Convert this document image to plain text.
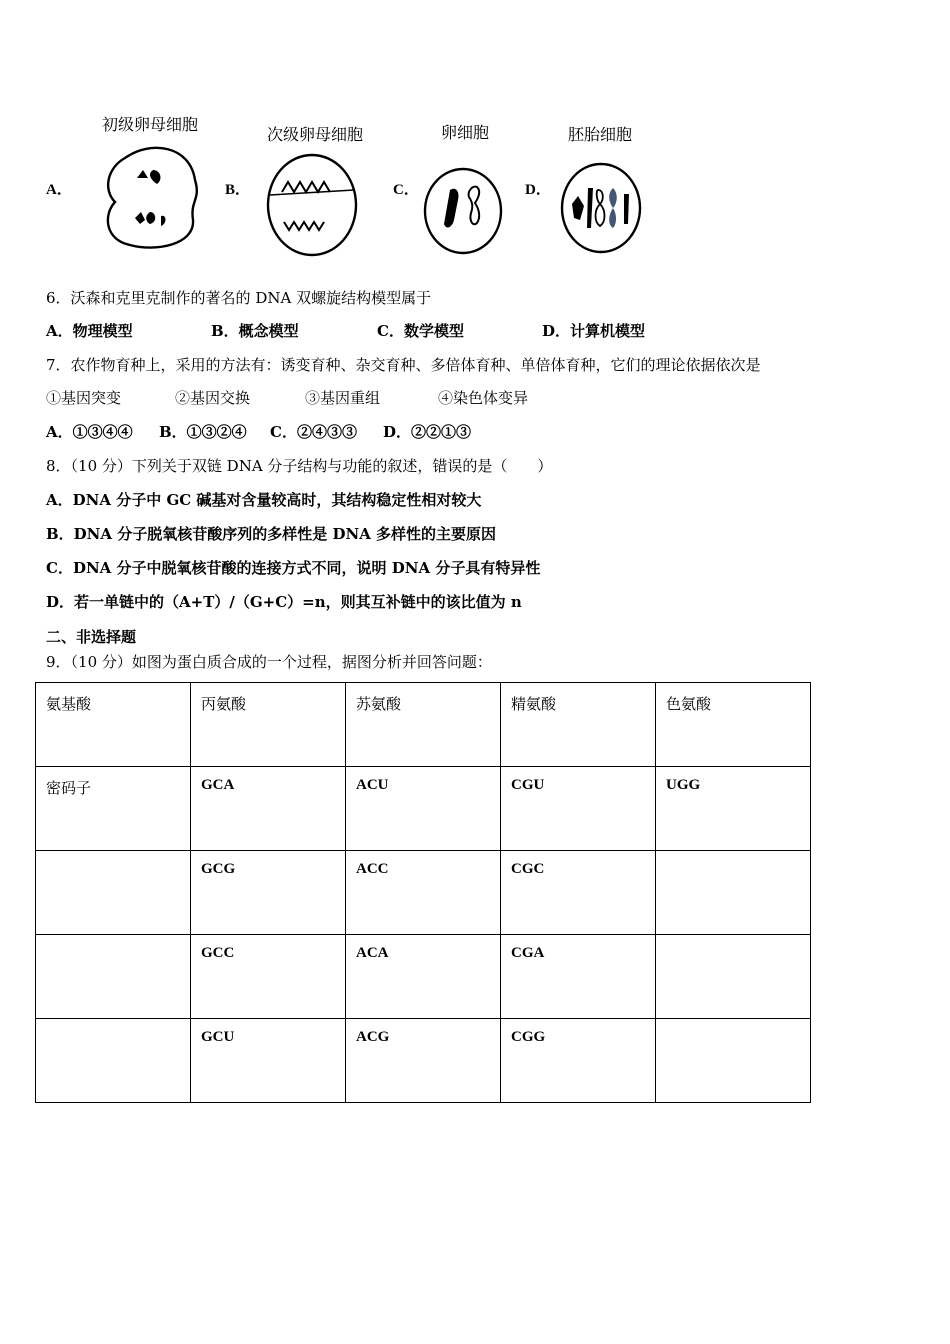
A．	B．	C．	D．
初级卵母细胞
次级卵母细胞	卵细胞	胚胎细胞
6．沃森和克里克制作的著名的 DNA 双螺旋结构模型属于
A．物理模型	B．概念模型	C．数学模型	D．计算机模型
7．农作物育种上，采用的方法有：诱变育种、杂交育种、多倍体育种、单倍体育种，它们的理论依据依次是
①基因突变	②基因交换	③基因重组	④染色体变异
A．①③④④ B．①③②④ C．②④③③ D．②②①③
8．（10 分）下列关于双链 DNA 分子结构与功能的叙述，错误的是（　　）
A．DNA 分子中 GC 碱基对含量较高时，其结构稳定性相对较大
B．DNA 分子脱氧核苷酸序列的多样性是 DNA 多样性的主要原因
C．DNA 分子中脱氧核苷酸的连接方式不同，说明 DNA 分子具有特异性
D．若一单链中的（A+T）/（G+C）=n，则其互补链中的该比值为 n
二、非选择题
9．（10 分）如图为蛋白质合成的一个过程，据图分析并回答问题：
氨基酸	丙氨酸	苏氨酸	精氨酸	色氨酸
密码子	GCA	ACU	CGU	UGG
	GCG	ACC	CGC	
	GCC	ACA	CGA	
	GCU	ACG	CGG	
